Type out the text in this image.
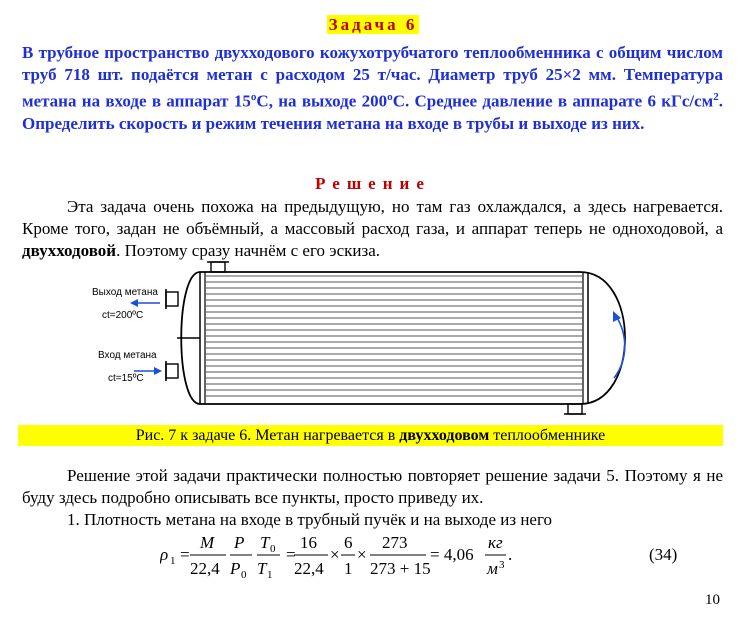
Задача 6
В трубное пространство двухходового кожухотрубчатого теплообменника с общим числом труб 718 шт. подаётся метан с расходом 25 т/час. Диаметр труб 25×2 мм. Температура метана на входе в аппарат 15ºС, на выходе 200ºС. Среднее давление в аппарате 6 кГс/$см^2$. Определить скорость и режим течения метана на входе в трубы и выходе из них.
Решение
Эта задача очень похожа на предыдущую, но там газ охлаждался, а здесь нагревается. Кроме того, задан не объёмный, а массовый расход газа, и аппарат теперь не одноходовой, а двухходовой. Поэтому сразу начнём с его эскиза.
Выход метана
ct=200ºC
Вход метана
ct=15ºC
Рис. 7 к задаче 6. Метан нагревается в двухходовом теплообменнике
Решение этой задачи практически полностью повторяет решение задачи 5. Поэтому я не буду здесь подробно описывать все пункты, просто приведу их.
1. Плотность метана на входе в трубный пучёк и на выходе из него
ρ 1 =
M
22,4
P
P 0
T 0
T 1
=
16
22,4
×
6
1
×
273
273 + 15
= 4,06
кг
м 3
.	(34)
10
